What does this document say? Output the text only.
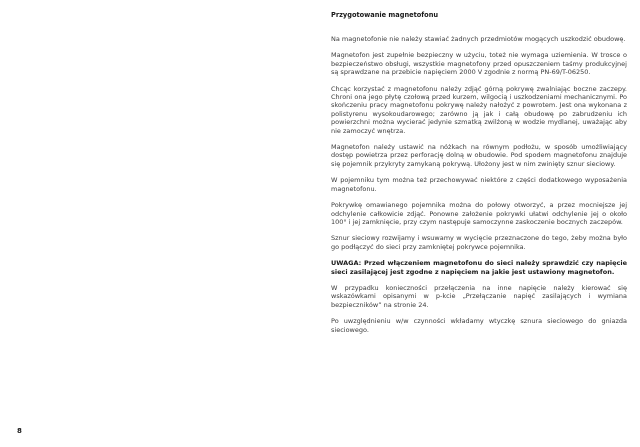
Przygotowanie magnetofonu

Na magnetofonie nie należy stawiać żadnych przedmiotów mogących uszkodzić obudowę.

Magnetofon jest zupełnie bezpieczny w użyciu, toteż nie wymaga uziemienia. W trosce o bezpieczeństwo obsługi, wszystkie magnetofony przed opuszczeniem taśmy produkcyjnej są sprawdzane na przebicie napięciem 2000 V zgodnie z normą PN-69/T-06250.

Chcąc korzystać z magnetofonu należy zdjąć górną pokrywę zwalniając boczne zaczepy. Chroni ona jego płytę czołową przed kurzem, wilgocią i uszkodzeniami mechanicznymi. Po skończeniu pracy magnetofonu pokrywę należy nałożyć z powrotem. Jest ona wykonana z polistyrenu wysokoudarowego; zarówno ją jak i całą obudowę po zabrudzeniu ich powierzchni można wycierać jedynie szmatką zwilżoną w wodzie mydlanej, uważając aby nie zamoczyć wnętrza.

Magnetofon należy ustawić na nóżkach na równym podłożu, w sposób umożliwiający dostęp powietrza przez perforację dolną w obudowie. Pod spodem magnetofonu znajduje się pojemnik przykryty zamykaną pokrywą. Ułożony jest w nim zwinięty sznur sieciowy.

W pojemniku tym można też przechowywać niektóre z części dodatkowego wyposażenia magnetofonu.

Pokrywkę omawianego pojemnika można do połowy otworzyć, a przez mocniejsze jej odchylenie całkowicie zdjąć. Ponowne założenie pokrywki ułatwi odchylenie jej o około 100° i jej zamknięcie, przy czym następuje samoczynne zaskoczenie bocznych zaczepów.

Sznur sieciowy rozwijamy i wsuwamy w wycięcie przeznaczone do tego, żeby można było go podłączyć do sieci przy zamkniętej pokrywce pojemnika.

UWAGA: Przed włączeniem magnetofonu do sieci należy sprawdzić czy napięcie sieci zasilającej jest zgodne z napięciem na jakie jest ustawiony magnetofon.

W przypadku konieczności przełączenia na inne napięcie należy kierować się wskazówkami opisanymi w p-kcie „Przełączanie napięć zasilających i wymiana bezpieczników” na stronie 24.

Po uwzględnieniu w/w czynności wkładamy wtyczkę sznura sieciowego do gniazda sieciowego.

8
